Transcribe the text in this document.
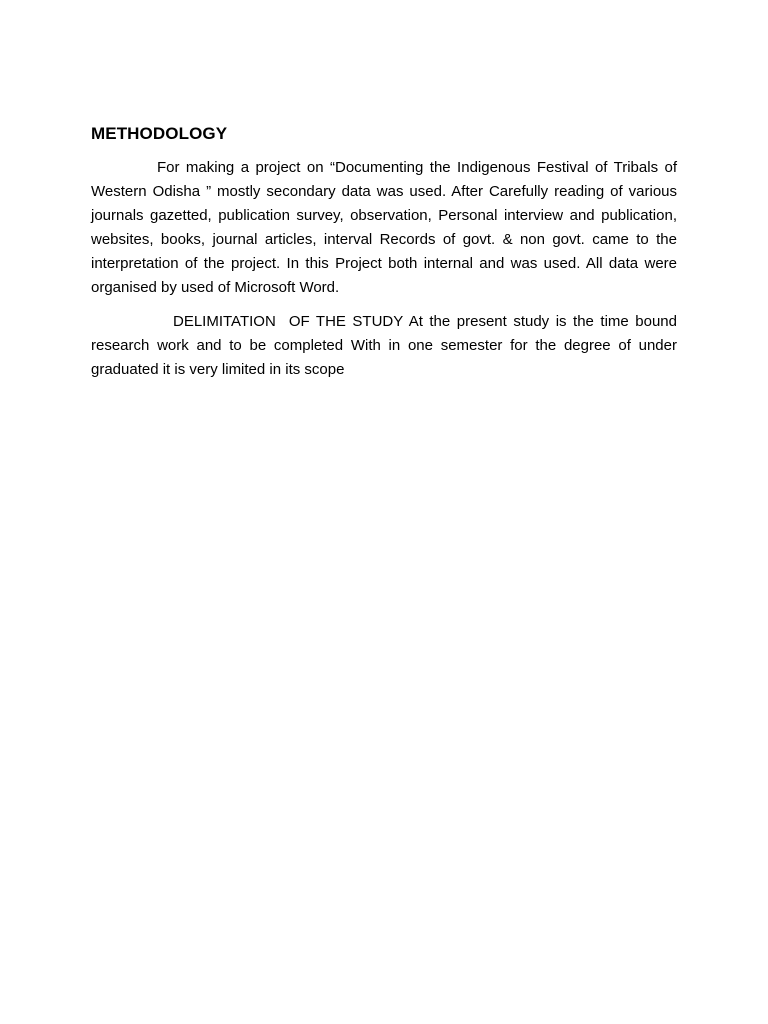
METHODOLOGY

For making a project on “Documenting the Indigenous Festival of Tribals of Western Odisha ” mostly secondary data was used. After Carefully reading of various journals gazetted, publication survey, observation, Personal interview and publication, websites, books, journal articles, interval Records of govt. & non govt. came to the interpretation of the project. In this Project both internal and was used. All data were organised by used of Microsoft Word.

DELIMITATION  OF THE STUDY At the present study is the time bound research work and to be completed With in one semester for the degree of under graduated it is very limited in its scope
